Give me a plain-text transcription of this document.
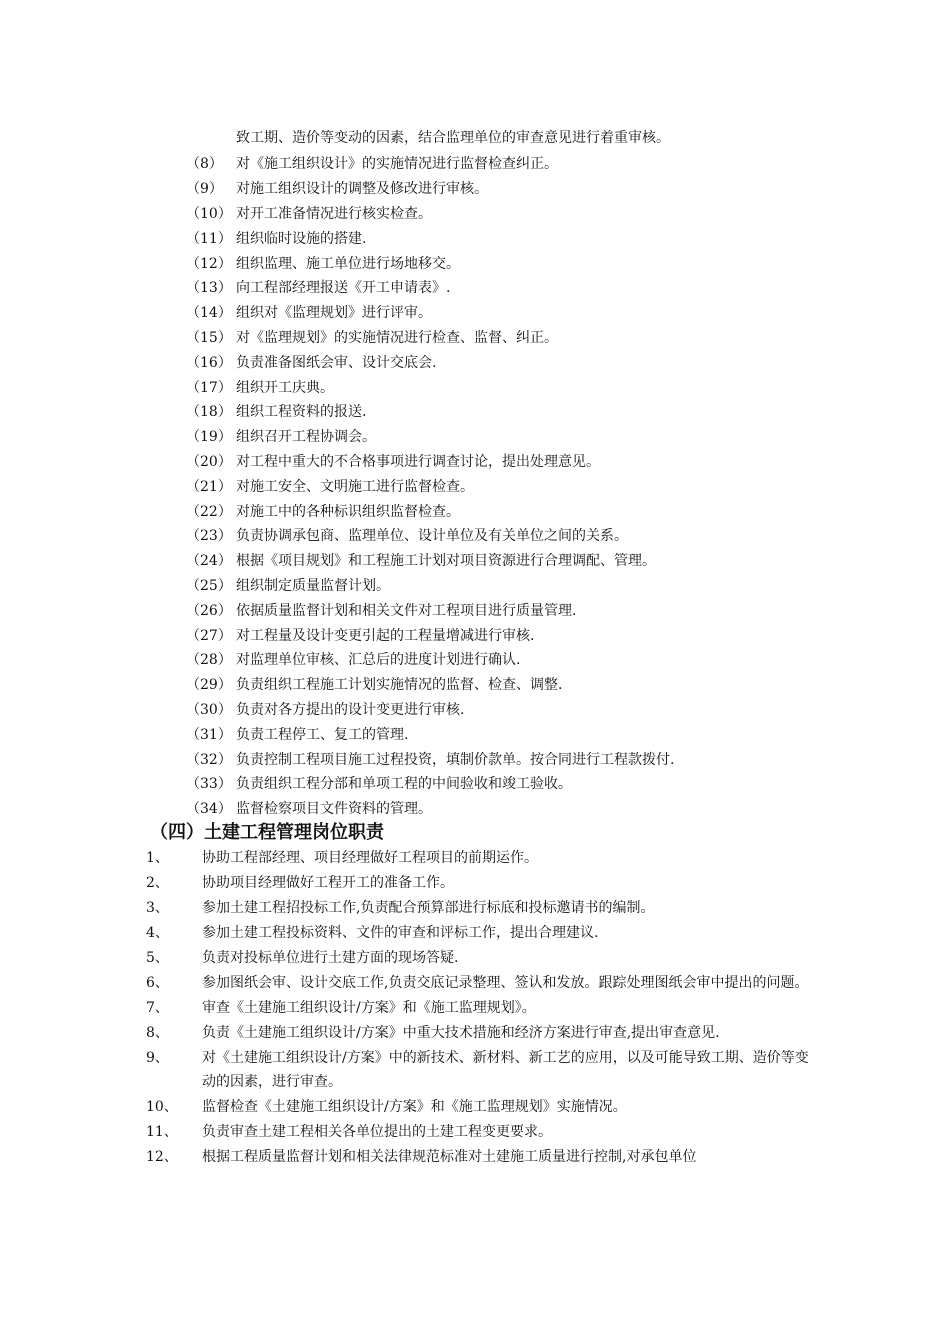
致工期、造价等变动的因素，结合监理单位的审查意见进行着重审核。
（8） 对《施工组织设计》的实施情况进行监督检查纠正。
（9） 对施工组织设计的调整及修改进行审核。
（10） 对开工准备情况进行核实检查。
（11） 组织临时设施的搭建.
（12） 组织监理、施工单位进行场地移交。
（13） 向工程部经理报送《开工申请表》.
（14） 组织对《监理规划》进行评审。
（15） 对《监理规划》的实施情况进行检查、监督、纠正。
（16） 负责准备图纸会审、设计交底会.
（17） 组织开工庆典。
（18） 组织工程资料的报送.
（19） 组织召开工程协调会。
（20） 对工程中重大的不合格事项进行调查讨论，提出处理意见。
（21） 对施工安全、文明施工进行监督检查。
（22） 对施工中的各种标识组织监督检查。
（23） 负责协调承包商、监理单位、设计单位及有关单位之间的关系。
（24） 根据《项目规划》和工程施工计划对项目资源进行合理调配、管理。
（25） 组织制定质量监督计划。
（26） 依据质量监督计划和相关文件对工程项目进行质量管理.
（27） 对工程量及设计变更引起的工程量增减进行审核.
（28） 对监理单位审核、汇总后的进度计划进行确认.
（29） 负责组织工程施工计划实施情况的监督、检查、调整.
（30） 负责对各方提出的设计变更进行审核.
（31） 负责工程停工、复工的管理.
（32） 负责控制工程项目施工过程投资，填制价款单。按合同进行工程款拨付.
（33） 负责组织工程分部和单项工程的中间验收和竣工验收。
（34） 监督检察项目文件资料的管理。
（四）土建工程管理岗位职责
1、	协助工程部经理、项目经理做好工程项目的前期运作。
2、	协助项目经理做好工程开工的准备工作。
3、	参加土建工程招投标工作,负责配合预算部进行标底和投标邀请书的编制。
4、	参加土建工程投标资料、文件的审查和评标工作，提出合理建议.
5、	负责对投标单位进行土建方面的现场答疑.
6、	参加图纸会审、设计交底工作,负责交底记录整理、签认和发放。跟踪处理图纸会审中提出的问题。
7、	审查《土建施工组织设计/方案》和《施工监理规划》。
8、	负责《土建施工组织设计/方案》中重大技术措施和经济方案进行审查,提出审查意见.
9、	对《土建施工组织设计/方案》中的新技术、新材料、新工艺的应用，以及可能导致工期、造价等变动的因素，进行审查。
10、	监督检查《土建施工组织设计/方案》和《施工监理规划》实施情况。
11、	负责审查土建工程相关各单位提出的土建工程变更要求。
12、	根据工程质量监督计划和相关法律规范标准对土建施工质量进行控制,对承包单位
